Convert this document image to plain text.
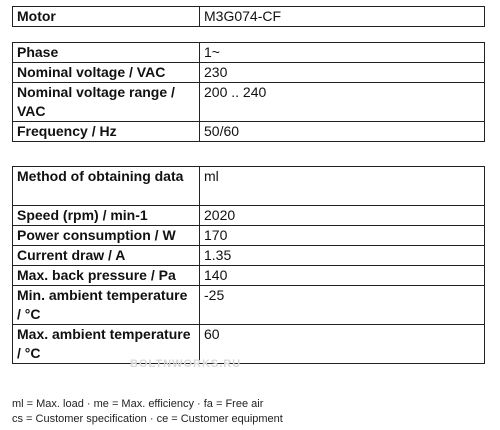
Motor	M3G074-CF
Phase	1~
Nominal voltage / VAC	230
Nominal voltage range / VAC	200 .. 240
Frequency / Hz	50/60
Method of obtaining data	ml
Speed (rpm) / min-1	2020
Power consumption / W	170
Current draw / A	1.35
Max. back pressure / Pa	140
Min. ambient temperature / °C	-25
Max. ambient temperature / °C	60
BOLTNWORKS.RU
ml = Max. load · me = Max. efficiency · fa = Free air
cs = Customer specification · ce = Customer equipment
